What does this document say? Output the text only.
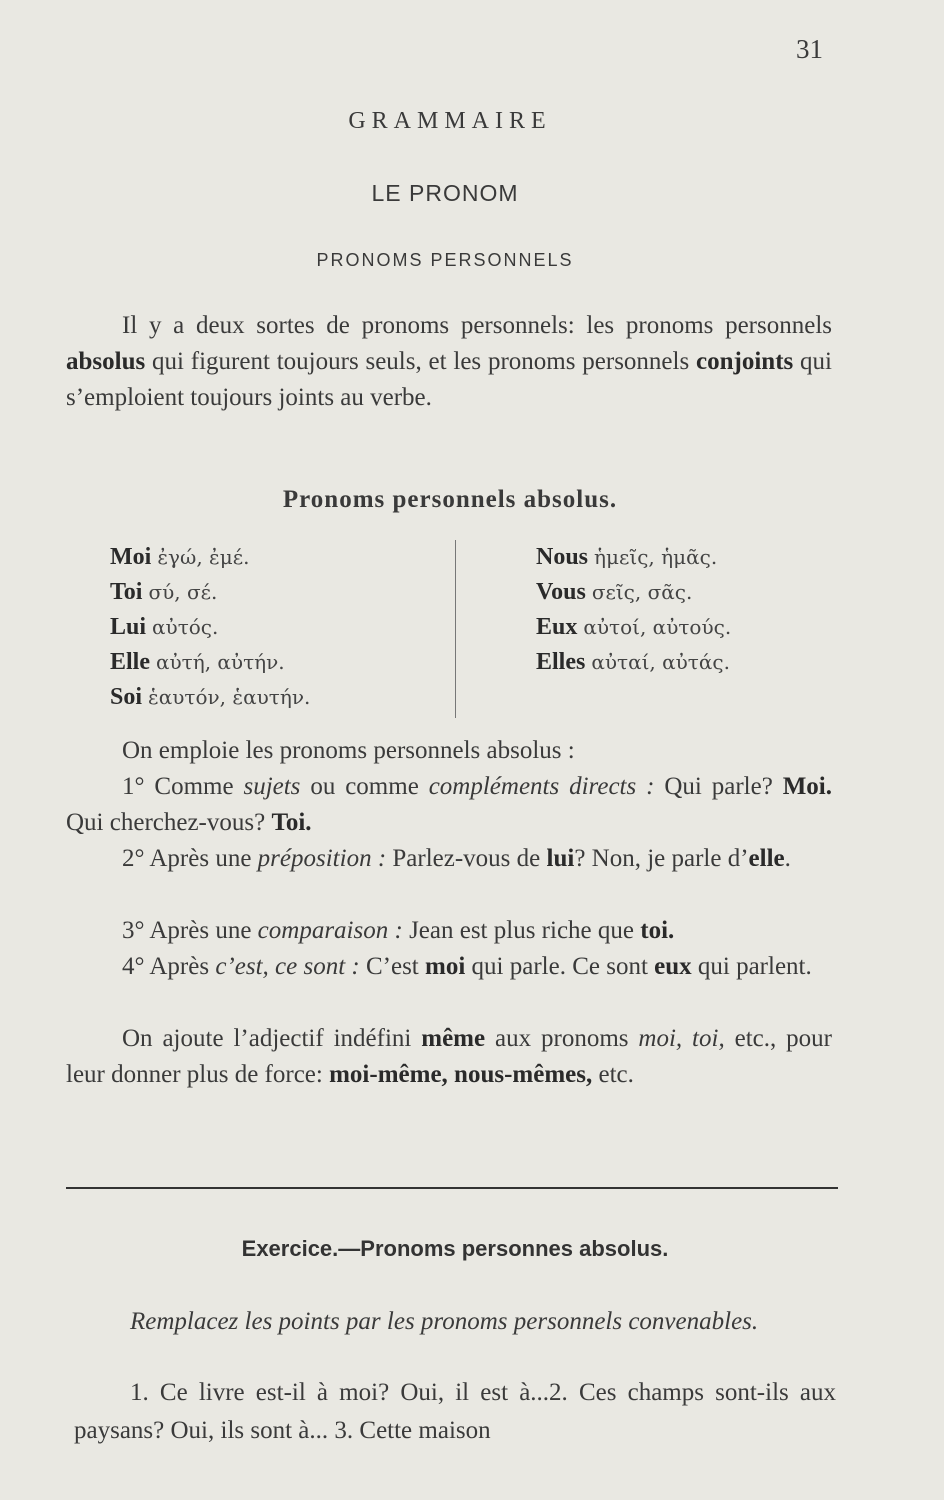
31
GRAMMAIRE
LE PRONOM
PRONOMS PERSONNELS

Il y a deux sortes de pronoms personnels: les pronoms personnels absolus qui figurent toujours seuls, et les pronoms personnels conjoints qui s’emploient toujours joints au verbe.

Pronoms personnels absolus.
Moi ἐγώ, ἐμέ.
Toi σύ, σέ.
Lui αὐτός.
Elle αὐτή, αὐτήν.
Soi ἑαυτόν, ἑαυτήν.
Nous ἡμεῖς, ἡμᾶς.
Vous σεῖς, σᾶς.
Eux αὐτοί, αὐτούς.
Elles αὐταί, αὐτάς.

On emploie les pronoms personnels absolus :

1° Comme sujets ou comme compléments directs : Qui parle? Moi. Qui cherchez-vous? Toi.

2° Après une préposition : Parlez-vous de lui? Non, je parle d’elle.

3° Après une comparaison : Jean est plus riche que toi.

4° Après c’est, ce sont : C’est moi qui parle. Ce sont eux qui parlent.

On ajoute l’adjectif indéfini même aux pronoms moi, toi, etc., pour leur donner plus de force: moi-même, nous-mêmes, etc.

Exercice.—Pronoms personnes absolus.

Remplacez les points par les pronoms personnels convenables.

1. Ce livre est-il à moi? Oui, il est à...2. Ces champs sont-ils aux paysans? Oui, ils sont à... 3. Cette maison
